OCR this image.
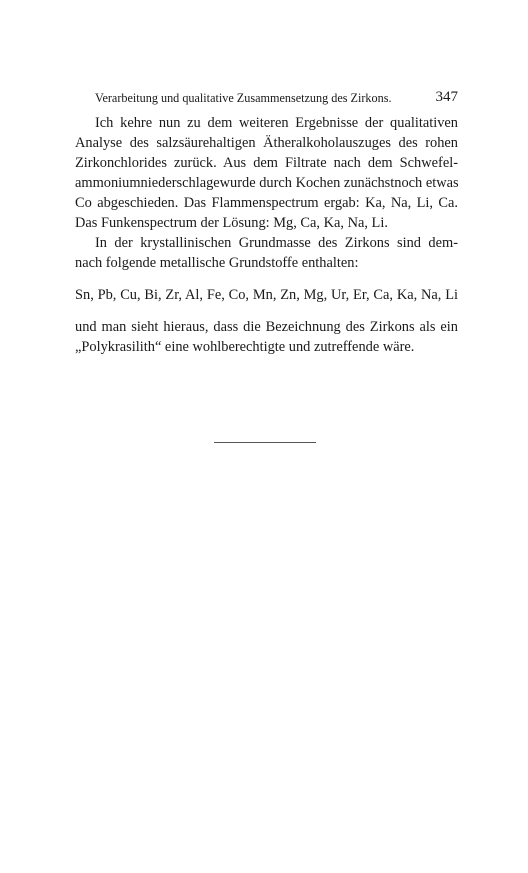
Verarbeitung und qualitative Zusammensetzung des Zirkons.	347
Ich kehre nun zu dem weiteren Ergebnisse der qualitativen
Analyse des salzsäurehaltigen Ätheralkoholauszuges des rohen
Zirkonchlorides zurück. Aus dem Filtrate nach dem Schwefel-
ammoniumniederschlagewurde durch Kochen zunächstnoch etwas
Co abgeschieden. Das Flammenspectrum ergab: Ka, Na, Li, Ca.
Das Funkenspectrum der Lösung: Mg, Ca, Ka, Na, Li.
In der krystallinischen Grundmasse des Zirkons sind dem-
nach folgende metallische Grundstoffe enthalten:
Sn, Pb, Cu, Bi, Zr, Al, Fe, Co, Mn, Zn, Mg, Ur, Er, Ca, Ka, Na, Li
und man sieht hieraus, dass die Bezeichnung des Zirkons als ein
„Polykrasilith“ eine wohlberechtigte und zutreffende wäre.
